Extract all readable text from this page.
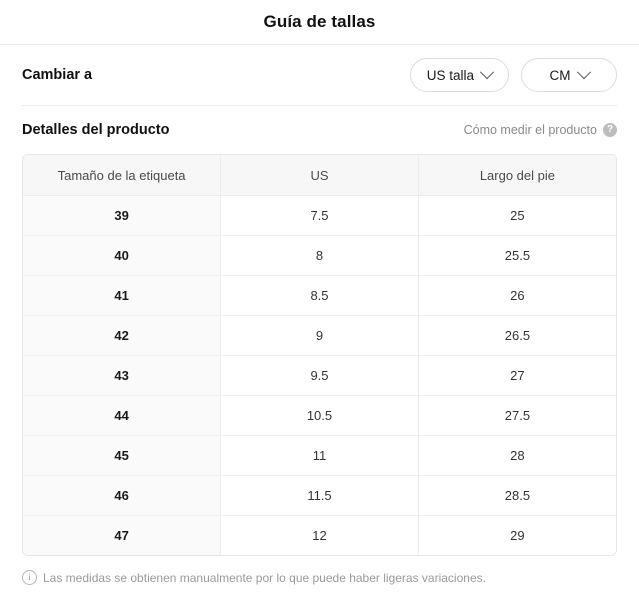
Guía de tallas
Cambiar a	US talla	CM
Detalles del producto	Cómo medir el producto ?
Tamaño de la etiqueta	US	Largo del pie
39	7.5	25
40	8	25.5
41	8.5	26
42	9	26.5
43	9.5	27
44	10.5	27.5
45	11	28
46	11.5	28.5
47	12	29
i	Las medidas se obtienen manualmente por lo que puede haber ligeras variaciones.
